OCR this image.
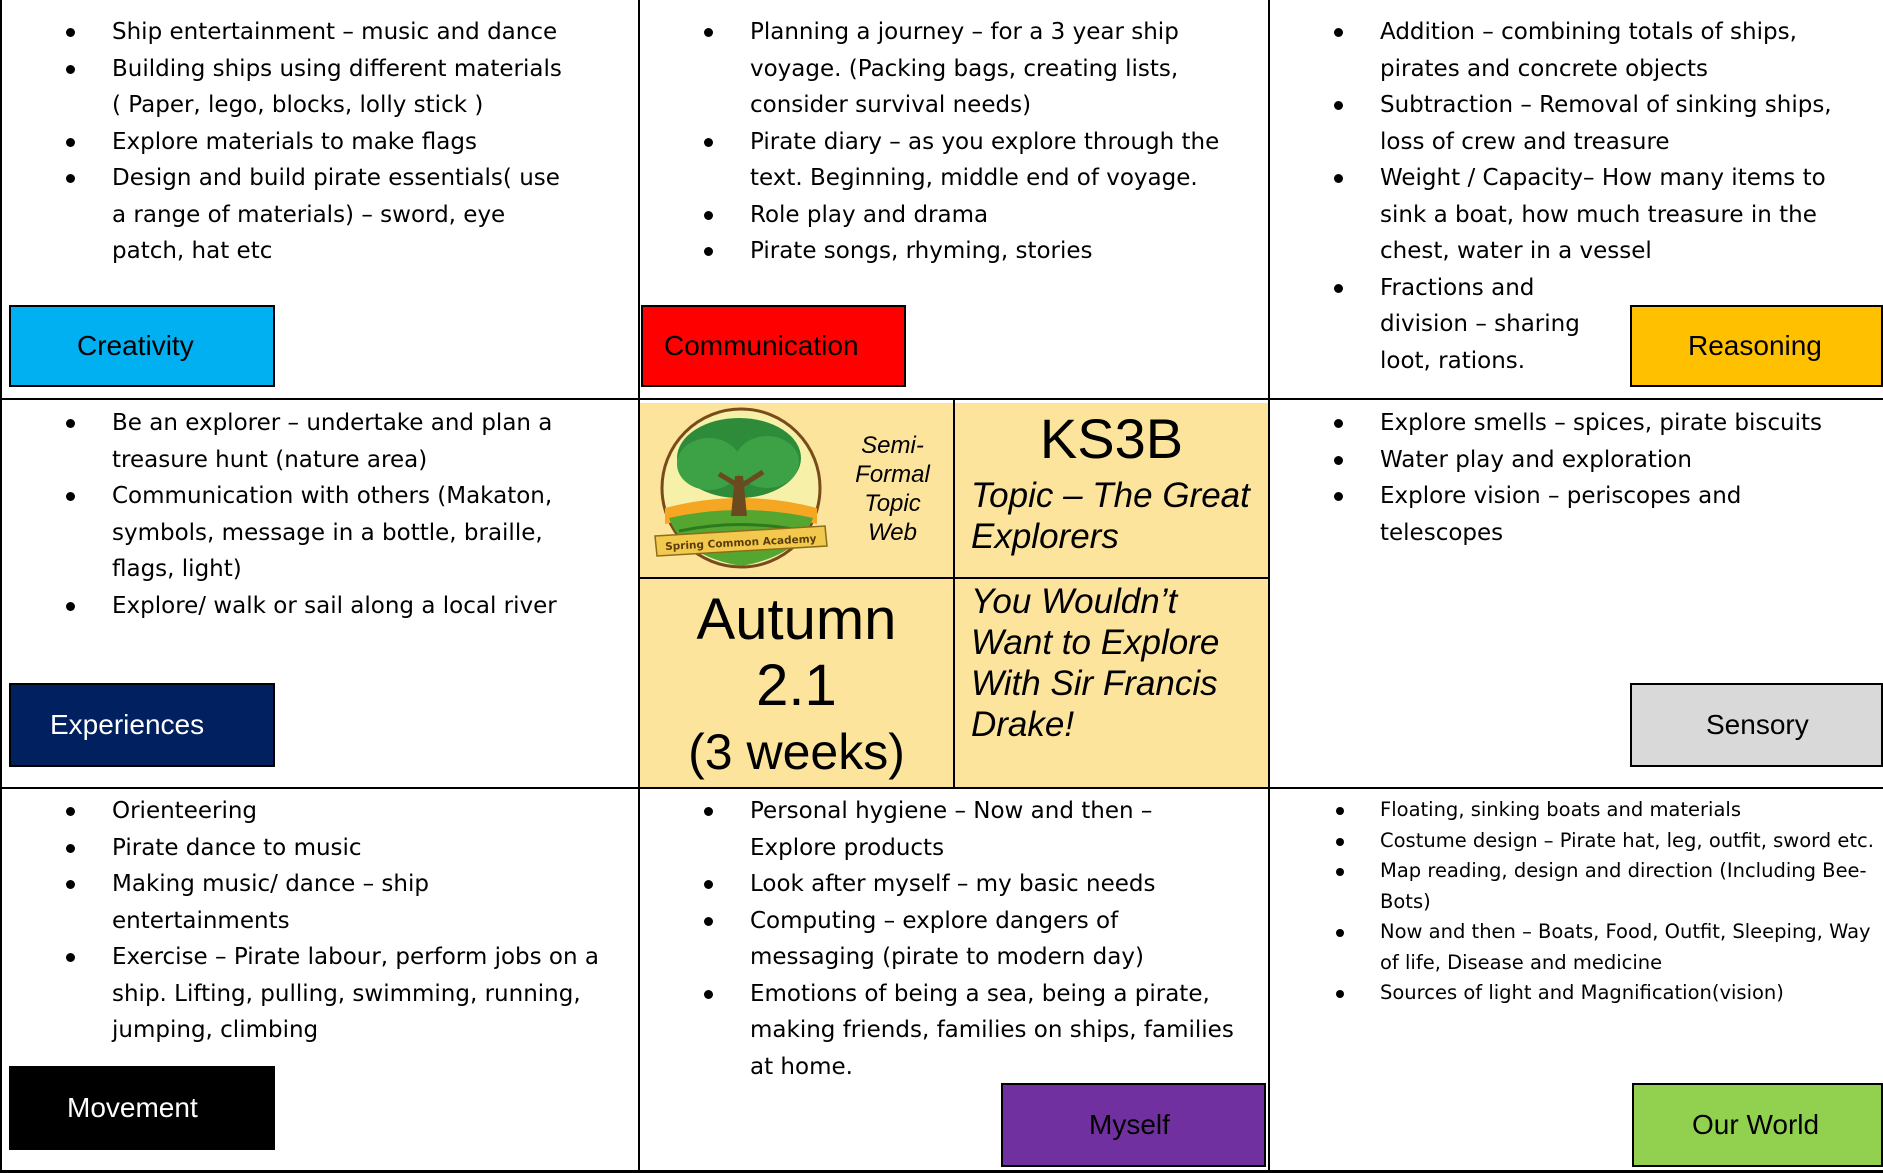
Ship entertainment – music and dance
Building ships using different materials ( Paper, lego, blocks, lolly stick )
Explore materials to make flags
Design and build pirate essentials( use a range of materials) – sword, eye patch, hat etc
Creativity
Planning a journey – for a 3 year ship voyage. (Packing bags, creating lists, consider survival needs)
Pirate diary – as you explore through the text. Beginning, middle end of voyage.
Role play and drama
Pirate songs, rhyming, stories
Communication
Addition – combining totals of ships, pirates and concrete objects
Subtraction – Removal of sinking ships, loss of crew and treasure
Weight / Capacity– How many items to sink a boat, how much treasure in the chest, water in a vessel
Fractions and division – sharing loot, rations.	Reasoning
Be an explorer – undertake and plan a treasure hunt (nature area)
Communication with others (Makaton, symbols, message in a bottle, braille, flags, light)
Explore/ walk or sail along a local river
Experiences
Spring Common Academy
Semi-Formal Topic Web
KS3B
Topic – The Great Explorers
Autumn
2.1
(3 weeks)
You Wouldn’t Want to Explore With Sir Francis Drake!
Explore smells – spices, pirate biscuits
Water play and exploration
Explore vision – periscopes and telescopes
Sensory
Orienteering
Pirate dance to music
Making music/ dance – ship entertainments
Exercise – Pirate labour, perform jobs on a ship. Lifting, pulling, swimming, running, jumping, climbing
Movement
Personal hygiene – Now and then – Explore products
Look after myself – my basic needs
Computing – explore dangers of messaging (pirate to modern day)
Emotions of being a sea, being a pirate, making friends, families on ships, families at home.
Myself
Floating, sinking boats and materials
Costume design – Pirate hat, leg, outfit, sword etc.
Map reading, design and direction (Including Bee-Bots)
Now and then – Boats, Food, Outfit, Sleeping, Way of life, Disease and medicine
Sources of light and Magnification(vision)
Our World
